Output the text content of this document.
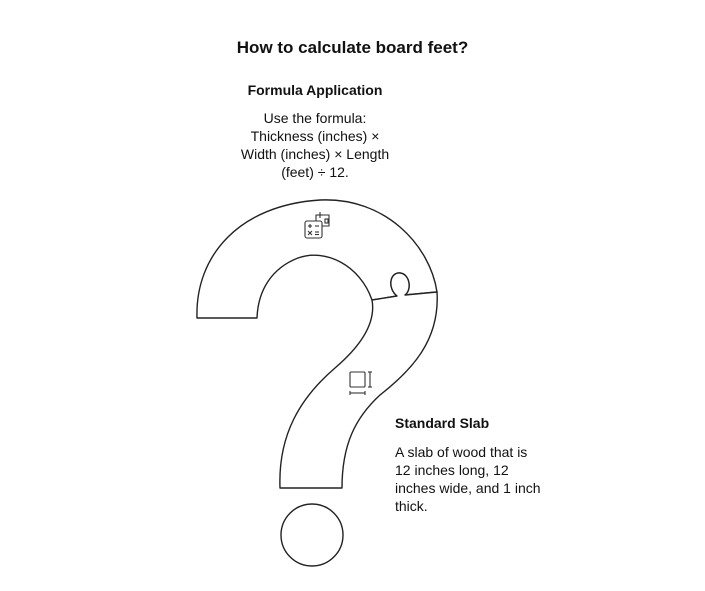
How to calculate board feet?
Formula Application
Use the formula:
Thickness (inches) ×
Width (inches) × Length
(feet) ÷ 12.
Standard Slab
A slab of wood that is
12 inches long, 12
inches wide, and 1 inch
thick.
